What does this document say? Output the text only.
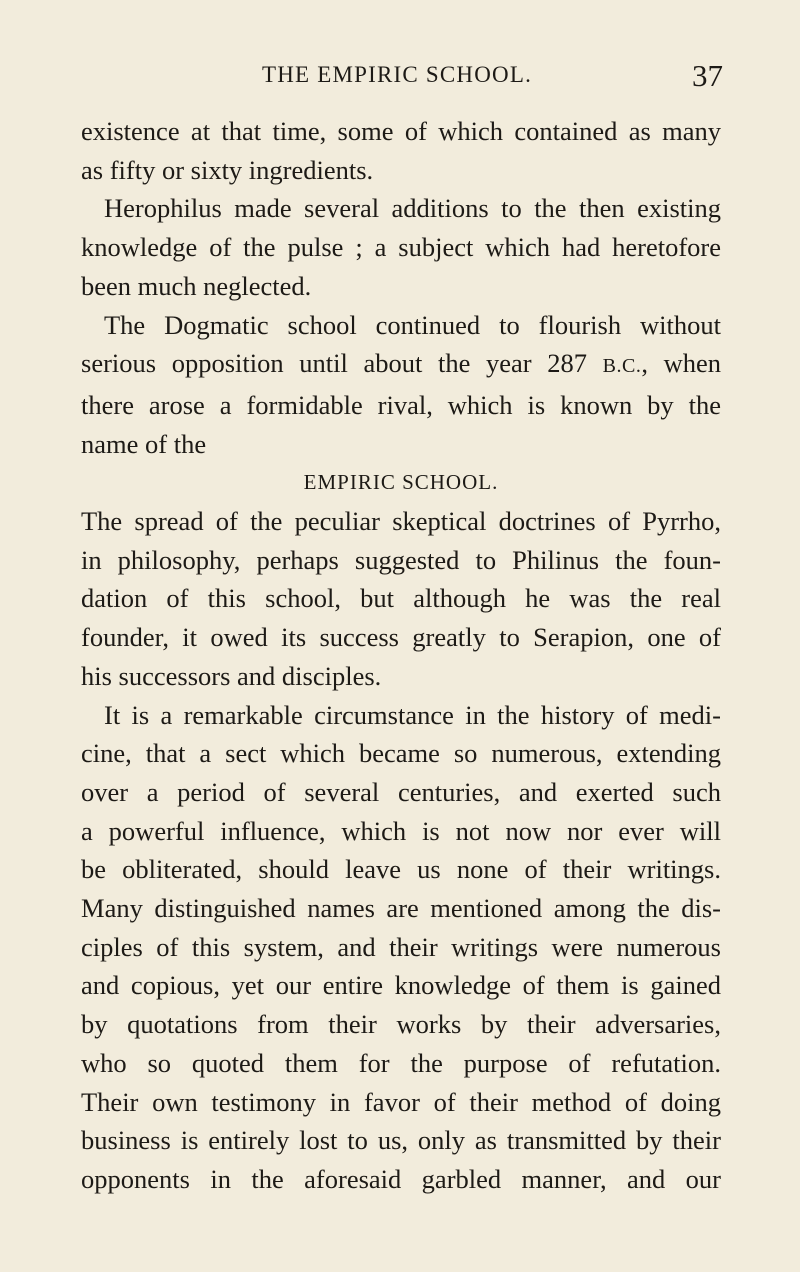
THE EMPIRIC SCHOOL.	37
existence at that time, some of which contained as many
as fifty or sixty ingredients.
Herophilus made several additions to the then existing
knowledge of the pulse ; a subject which had heretofore
been much neglected.
The Dogmatic school continued to flourish without
serious opposition until about the year 287 B.C., when
there arose a formidable rival, which is known by the
name of the
EMPIRIC SCHOOL.
The spread of the peculiar skeptical doctrines of Pyrrho,
in philosophy, perhaps suggested to Philinus the foun-
dation of this school, but although he was the real
founder, it owed its success greatly to Serapion, one of
his successors and disciples.
It is a remarkable circumstance in the history of medi-
cine, that a sect which became so numerous, extending
over a period of several centuries, and exerted such
a powerful influence, which is not now nor ever will
be obliterated, should leave us none of their writings.
Many distinguished names are mentioned among the dis-
ciples of this system, and their writings were numerous
and copious, yet our entire knowledge of them is gained
by quotations from their works by their adversaries,
who so quoted them for the purpose of refutation.
Their own testimony in favor of their method of doing
business is entirely lost to us, only as transmitted by their
opponents in the aforesaid garbled manner, and our
